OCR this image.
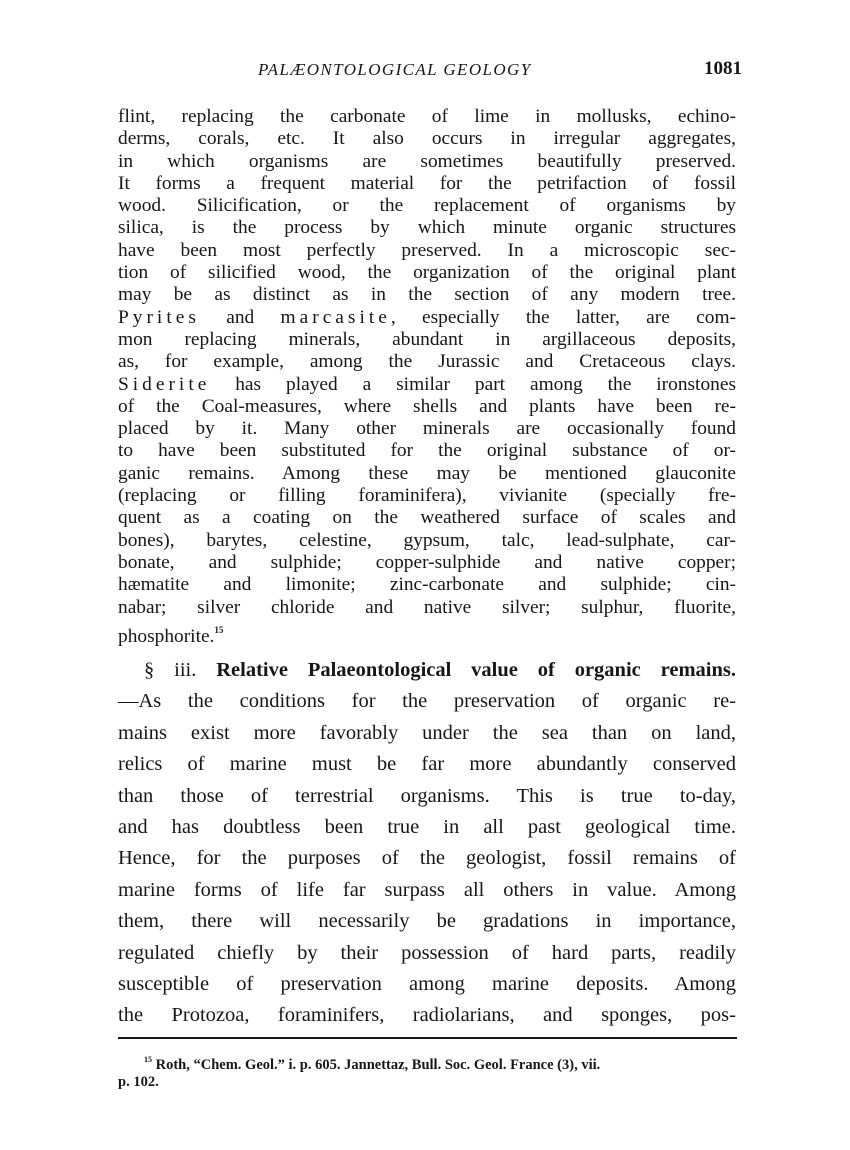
PALÆONTOLOGICAL GEOLOGY	1081
flint, replacing the carbonate of lime in mollusks, echino-
derms, corals, etc. It also occurs in irregular aggregates,
in which organisms are sometimes beautifully preserved.
It forms a frequent material for the petrifaction of fossil
wood. Silicification, or the replacement of organisms by
silica, is the process by which minute organic structures
have been most perfectly preserved. In a microscopic sec-
tion of silicified wood, the organization of the original plant
may be as distinct as in the section of any modern tree.
Pyrites and marcasite, especially the latter, are com-
mon replacing minerals, abundant in argillaceous deposits,
as, for example, among the Jurassic and Cretaceous clays.
Siderite has played a similar part among the ironstones
of the Coal-measures, where shells and plants have been re-
placed by it. Many other minerals are occasionally found
to have been substituted for the original substance of or-
ganic remains. Among these may be mentioned glauconite
(replacing or filling foraminifera), vivianite (specially fre-
quent as a coating on the weathered surface of scales and
bones), barytes, celestine, gypsum, talc, lead-sulphate, car-
bonate, and sulphide; copper-sulphide and native copper;
hæmatite and limonite; zinc-carbonate and sulphide; cin-
nabar; silver chloride and native silver; sulphur, fluorite,
phosphorite.$^{15}$
§ iii. Relative Palaeontological value of organic remains.
—As the conditions for the preservation of organic re-
mains exist more favorably under the sea than on land,
relics of marine must be far more abundantly conserved
than those of terrestrial organisms. This is true to-day,
and has doubtless been true in all past geological time.
Hence, for the purposes of the geologist, fossil remains of
marine forms of life far surpass all others in value. Among
them, there will necessarily be gradations in importance,
regulated chiefly by their possession of hard parts, readily
susceptible of preservation among marine deposits. Among
the Protozoa, foraminifers, radiolarians, and sponges, pos-
$^{15}$ Roth, “Chem. Geol.” i. p. 605. Jannettaz, Bull. Soc. Geol. France (3), vii.
p. 102.
